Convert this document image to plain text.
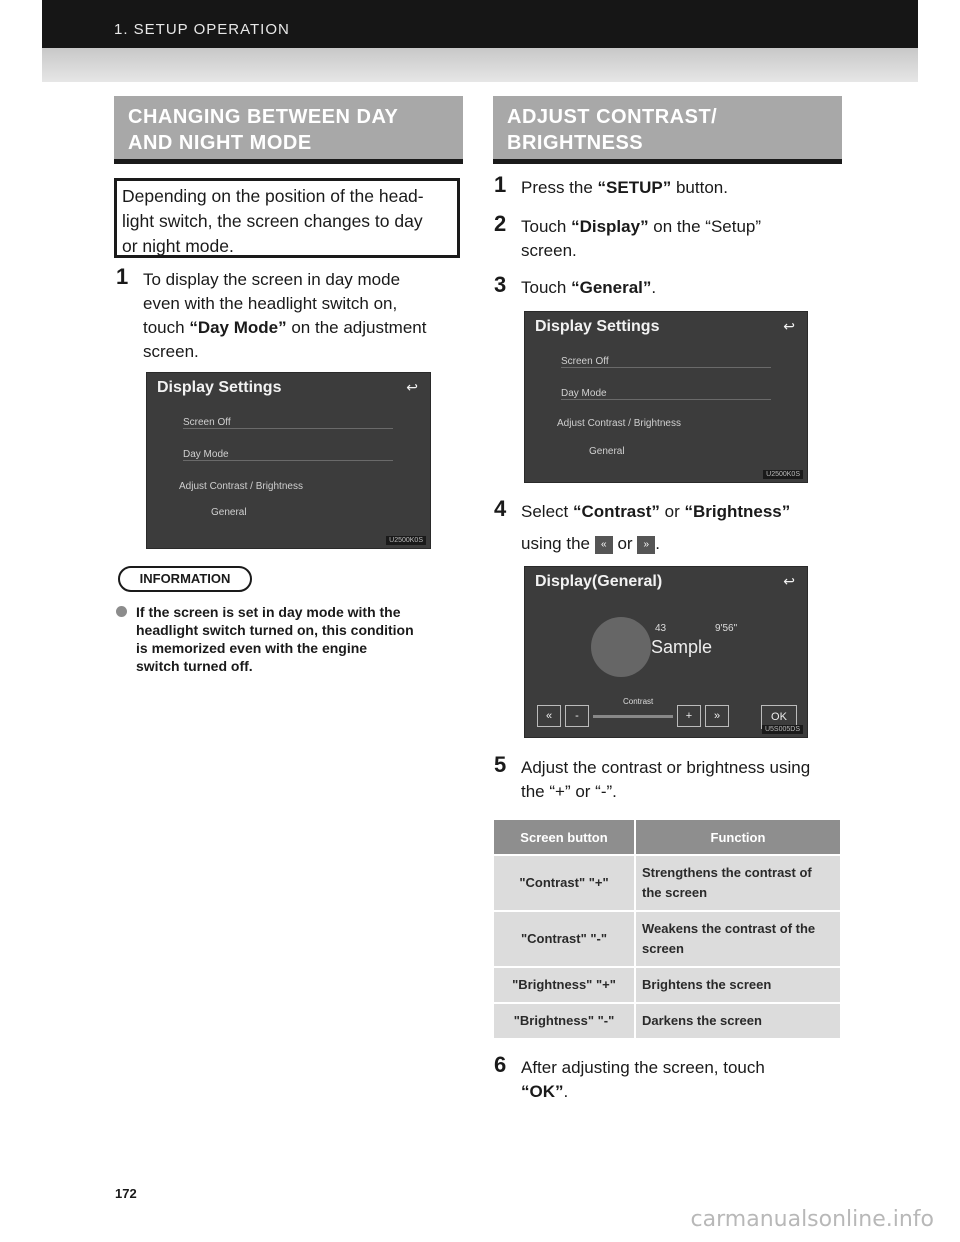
1. SETUP OPERATION
CHANGING BETWEEN DAY
AND NIGHT MODE
Depending on the position of the head-
light switch, the screen changes to day
or night mode.
1 To display the screen in day mode
even with the headlight switch on,
touch “Day Mode” on the adjustment
screen.
Display Settings	↩
Screen Off
Day Mode
Adjust Contrast / Brightness
General
U2500K0S
INFORMATION
If the screen is set in day mode with the
headlight switch turned on, this condition
is memorized even with the engine
switch turned off.
ADJUST CONTRAST/
BRIGHTNESS
1 Press the “SETUP” button.
2 Touch “Display” on the “Setup”
screen.
3 Touch “General”.
Display Settings	↩
Screen Off
Day Mode
Adjust Contrast / Brightness
General
U2500K0S
4 Select “Contrast” or “Brightness”
using the « or » .
Display(General)	↩
43	9'56"
Sample
Contrast
«	-	+	»	OK
U5S005DS
5 Adjust the contrast or brightness using
the “+” or “-”.
Screen button	Function
"Contrast" "+"	Strengthens the contrast of the screen
"Contrast" "-"	Weakens the contrast of the screen
"Brightness" "+"	Brightens the screen
"Brightness" "-"	Darkens the screen
6 After adjusting the screen, touch
“OK”.
172
carmanualsonline.info
